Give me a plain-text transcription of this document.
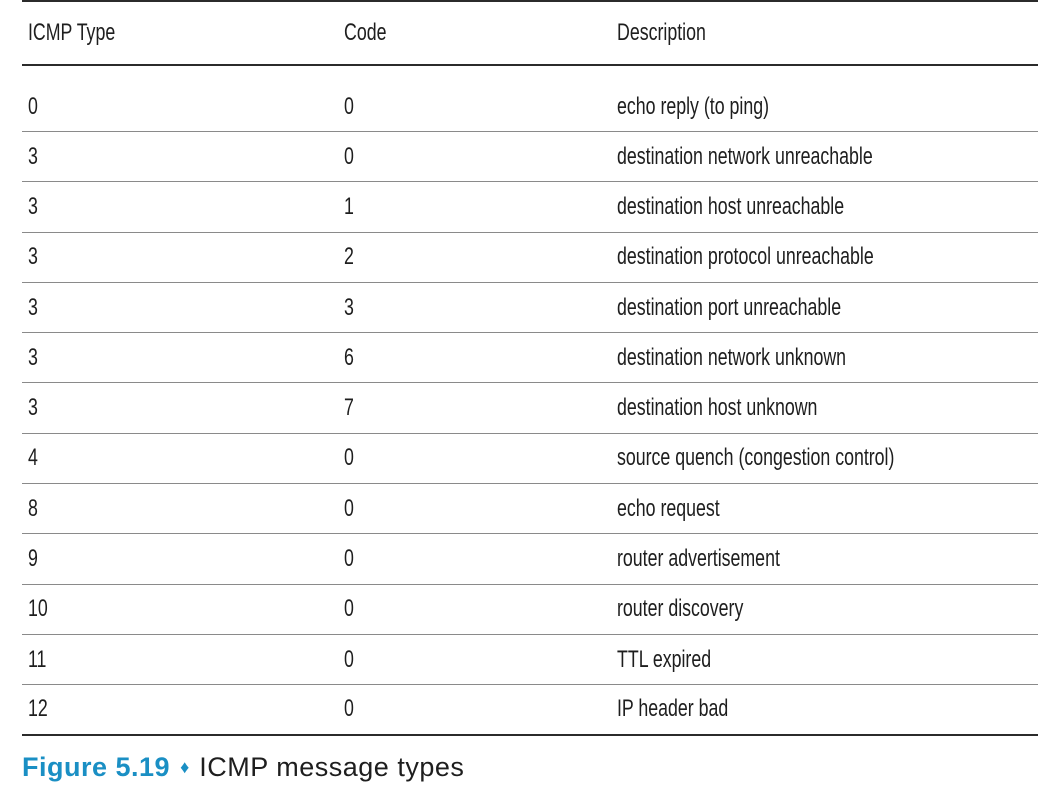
ICMP Type	Code	Description
0	0	echo reply (to ping)
3	0	destination network unreachable
3	1	destination host unreachable
3	2	destination protocol unreachable
3	3	destination port unreachable
3	6	destination network unknown
3	7	destination host unknown
4	0	source quench (congestion control)
8	0	echo request
9	0	router advertisement
10	0	router discovery
11	0	TTL expired
12	0	IP header bad
Figure 5.19 ♦ ICMP message types
